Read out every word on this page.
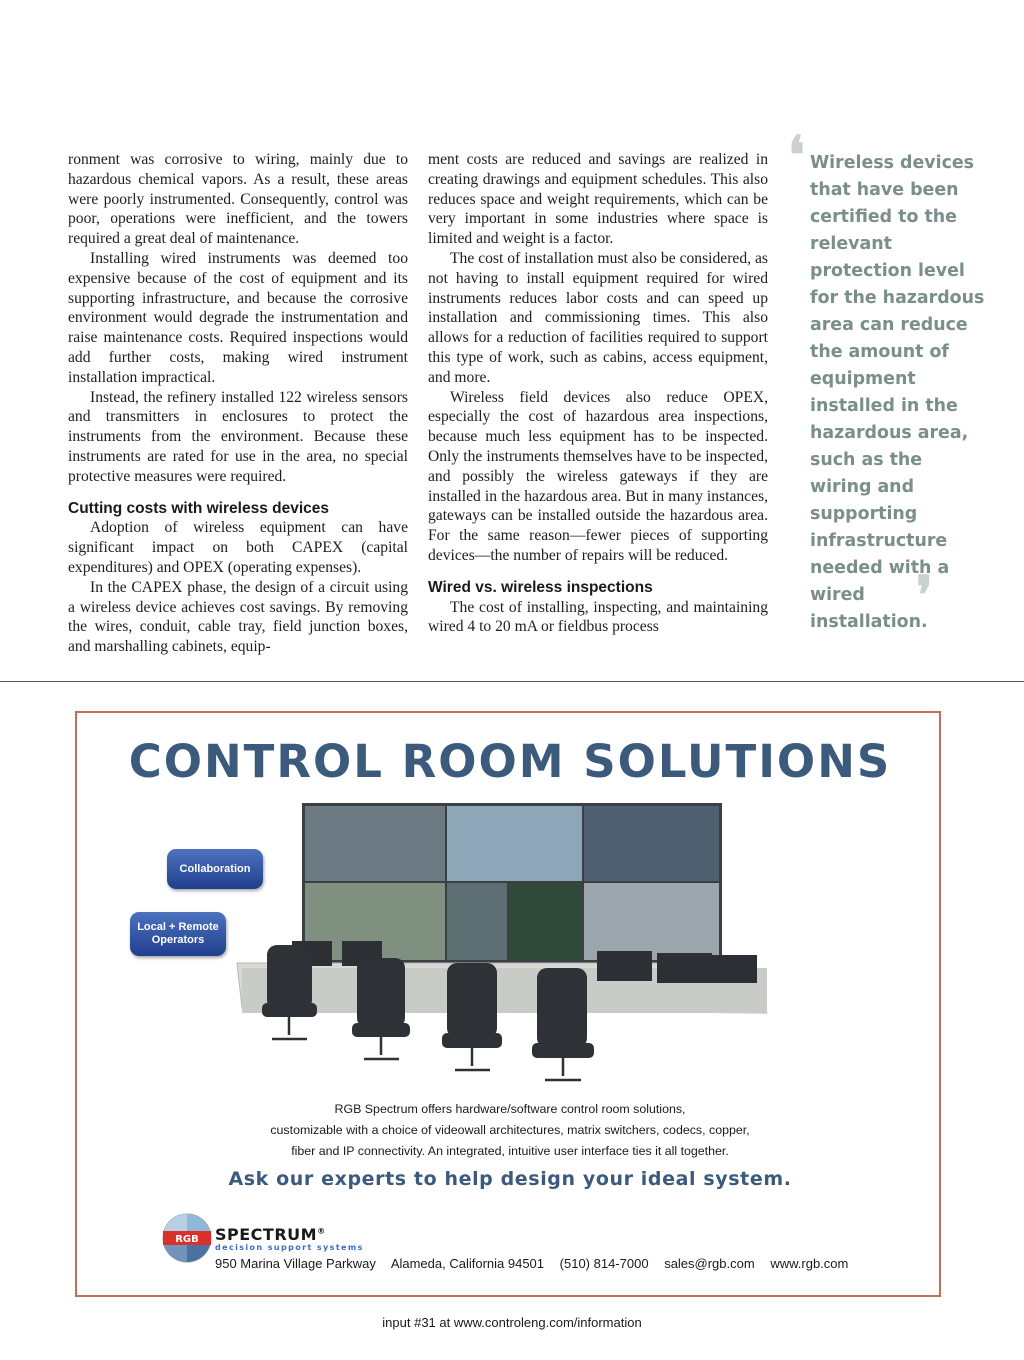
ronment was corrosive to wiring, mainly due to hazardous chemical vapors. As a result, these areas were poorly instrumented. Consequently, control was poor, operations were inefficient, and the towers required a great deal of maintenance.

Installing wired instruments was deemed too expensive because of the cost of equipment and its supporting infrastructure, and because the corrosive environment would degrade the instrumentation and raise maintenance costs. Required inspections would add further costs, making wired instrument installation impractical.

Instead, the refinery installed 122 wireless sensors and transmitters in enclosures to protect the instruments from the environment. Because these instruments are rated for use in the area, no special protective measures were required.

Cutting costs with wireless devices

Adoption of wireless equipment can have significant impact on both CAPEX (capital expenditures) and OPEX (operating expenses).

In the CAPEX phase, the design of a circuit using a wireless device achieves cost savings. By removing the wires, conduit, cable tray, field junction boxes, and marshalling cabinets, equip-

ment costs are reduced and savings are realized in creating drawings and equipment schedules. This also reduces space and weight requirements, which can be very important in some industries where space is limited and weight is a factor.

The cost of installation must also be considered, as not having to install equipment required for wired instruments reduces labor costs and can speed up installation and commissioning times. This also allows for a reduction of facilities required to support this type of work, such as cabins, access equipment, and more.

Wireless field devices also reduce OPEX, especially the cost of hazardous area inspections, because much less equipment has to be inspected. Only the instruments themselves have to be inspected, and possibly the wireless gateways if they are installed in the hazardous area. But in many instances, gateways can be installed outside the hazardous area. For the same reason—fewer pieces of supporting devices—the number of repairs will be reduced.

Wired vs. wireless inspections

The cost of installing, inspecting, and maintaining wired 4 to 20 mA or fieldbus process

❛ Wireless devices that have been certified to the relevant protection level for the hazardous area can reduce the amount of equipment installed in the hazardous area, such as the wiring and supporting infrastructure needed with a wired installation.
❜
CONTROL ROOM SOLUTIONS
Collaboration
Local + Remote Operators
RGB Spectrum offers hardware/software control room solutions,
customizable with a choice of videowall architectures, matrix switchers, codecs, copper,
fiber and IP connectivity. An integrated, intuitive user interface ties it all together.
Ask our experts to help design your ideal system.
RGB SPECTRUM®
decision support systems
950 Marina Village Parkway Alameda, California 94501 (510) 814-7000 sales@rgb.com www.rgb.com
input #31 at www.controleng.com/information
